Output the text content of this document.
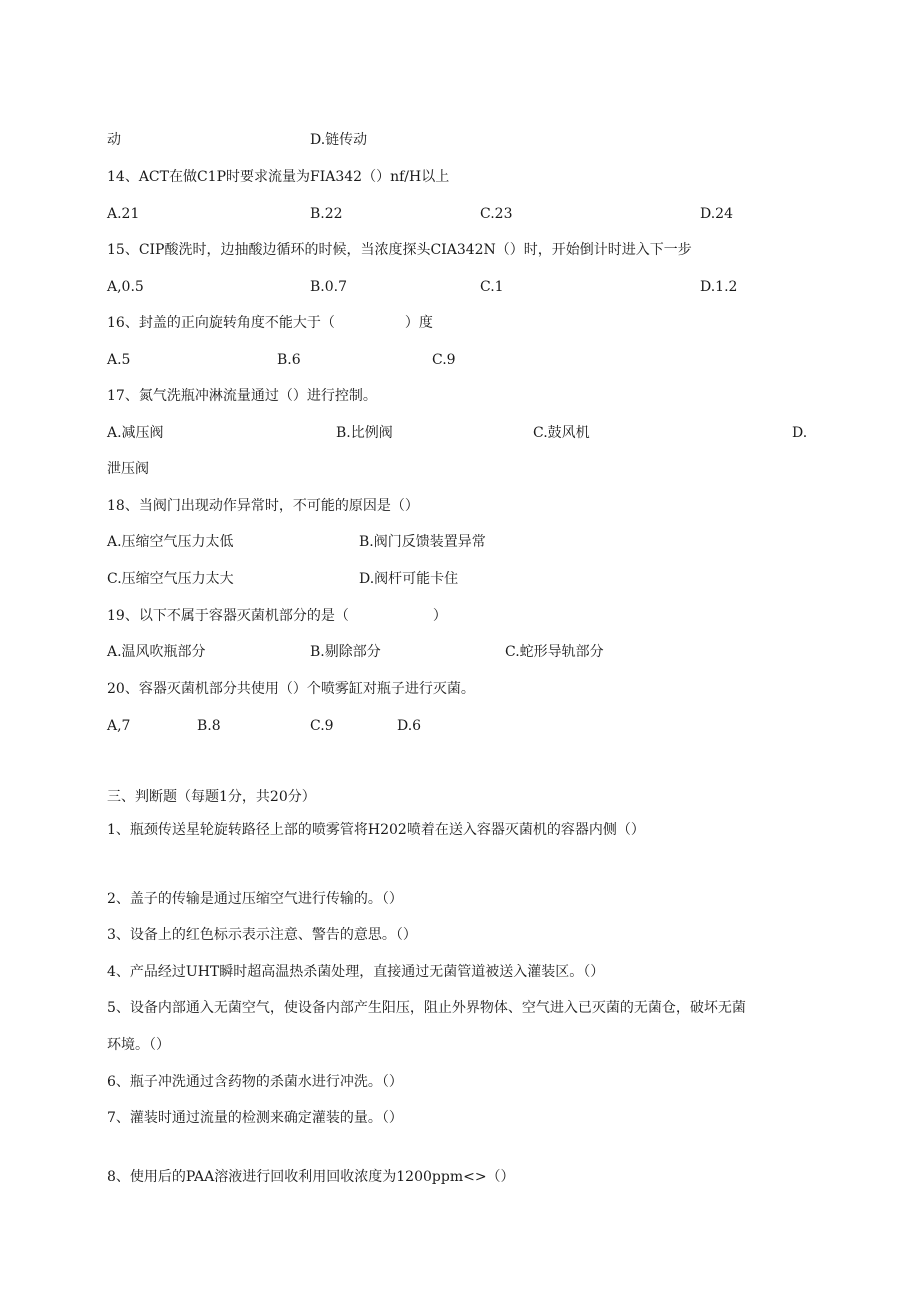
动	D.链传动
14、ACT在做C1P时要求流量为FIA342（）nf/H以上
A.21	B.22	C.23	D.24
15、CIP酸洗时，边抽酸边循环的时候，当浓度探头CIA342N（）时，开始倒计时进入下一步
A,0.5	B.0.7	C.1	D.1.2
16、封盖的正向旋转角度不能大于（　　　　　）度
A.5	B.6	C.9
17、氮气洗瓶冲淋流量通过（）进行控制。
A.减压阀	B.比例阀	C.鼓风机	D.
泄压阀
18、当阀门出现动作异常时，不可能的原因是（）
A.压缩空气压力太低	B.阀门反馈装置异常
C.压缩空气压力太大	D.阀杆可能卡住
19、以下不属于容器灭菌机部分的是（　　　　　　）
A.温风吹瓶部分	B.剔除部分	C.蛇形导轨部分
20、容器灭菌机部分共使用（）个喷雾缸对瓶子进行灭菌。
A,7	B.8	C.9	D.6
三、判断题（每题1分，共20分）
1、瓶颈传送星轮旋转路径上部的喷雾管将H202喷着在送入容器灭菌机的容器内侧（）
2、盖子的传输是通过压缩空气进行传输的。（）
3、设备上的红色标示表示注意、警告的意思。（）
4、产品经过UHT瞬时超高温热杀菌处理，直接通过无菌管道被送入灌装区。（）
5、设备内部通入无菌空气，使设备内部产生阳压，阻止外界物体、空气进入已灭菌的无菌仓，破坏无菌
环境。（）
6、瓶子冲洗通过含药物的杀菌水进行冲洗。（）
7、灌装时通过流量的检测来确定灌装的量。（）
8、使用后的PAA溶液进行回收利用回收浓度为1200ppm<>（）
